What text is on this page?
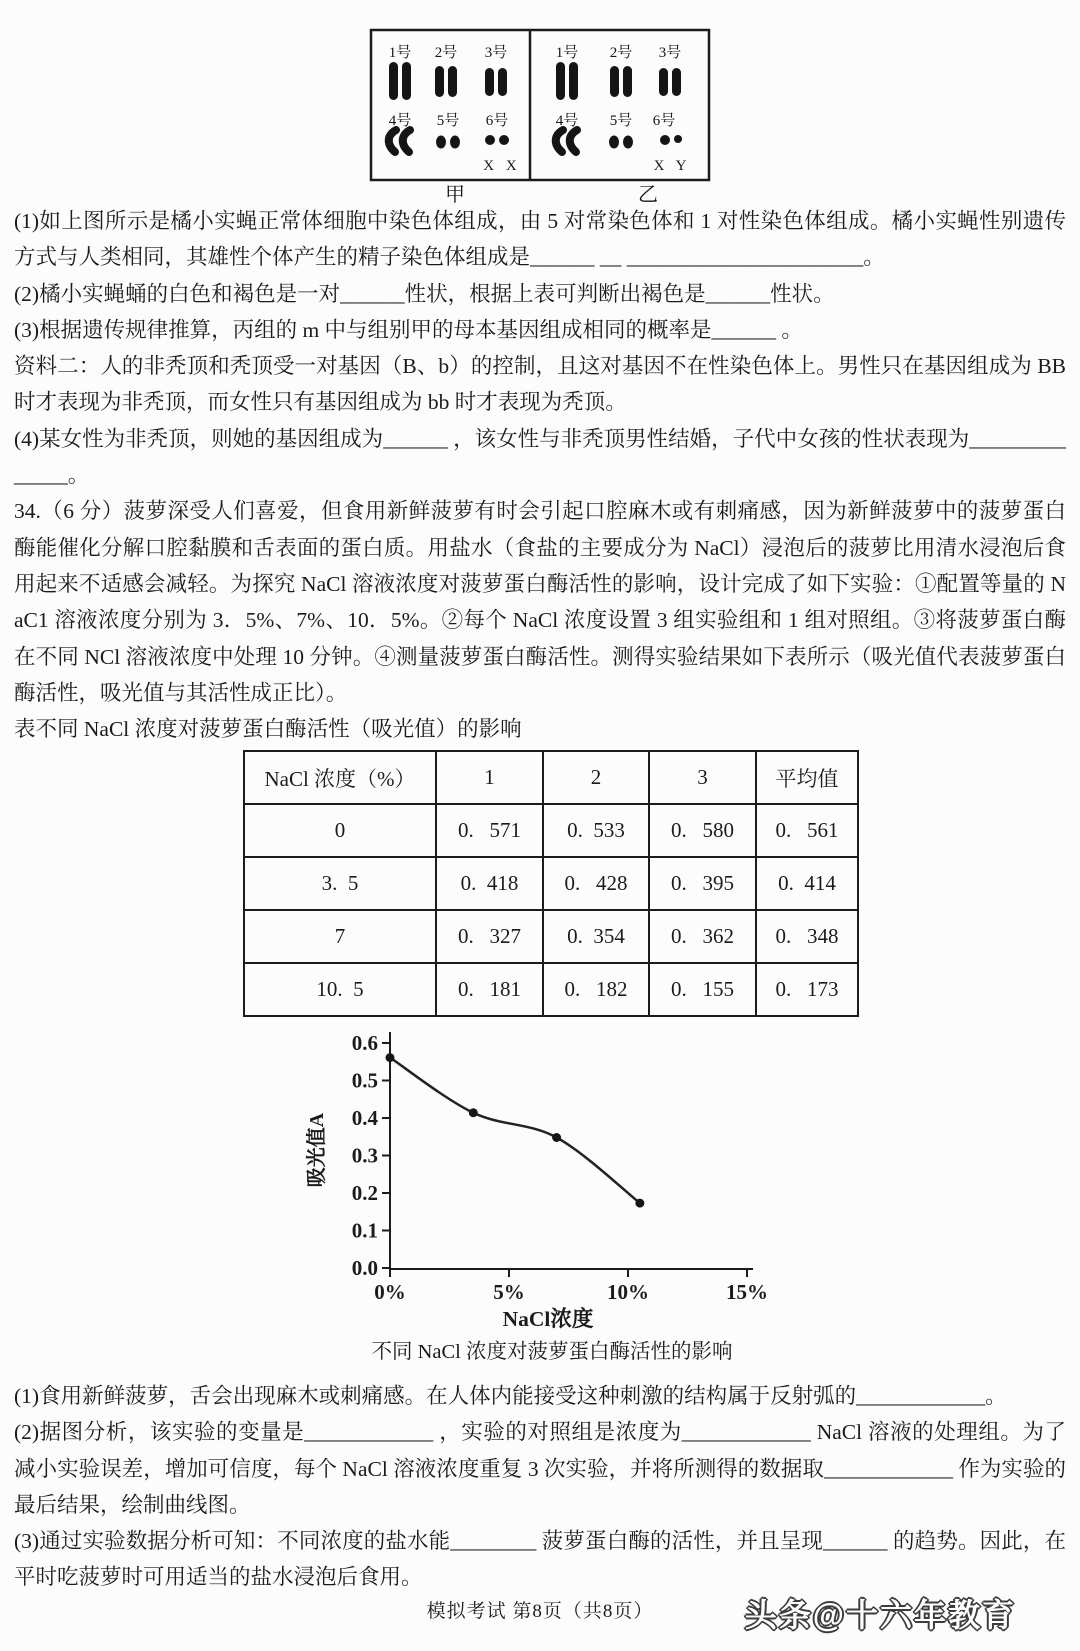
1号 2号 3号
4号 5号 6号
X X
甲
1号 2号 3号
4号 5号 6号
X Y
乙

(1)如上图所示是橘小实蝇正常体细胞中染色体组成，由 5 对常染色体和 1 对性染色体组成。橘小实蝇性别遗传方式与人类相同，其雄性个体产生的精子染色体组成是______ __ ______________________。

(2)橘小实蝇蛹的白色和褐色是一对______性状，根据上表可判断出褐色是______性状。

(3)根据遗传规律推算，丙组的 m 中与组别甲的母本基因组成相同的概率是______ 。

资料二：人的非秃顶和秃顶受一对基因（B、b）的控制，且这对基因不在性染色体上。男性只在基因组成为 BB 时才表现为非秃顶，而女性只有基因组成为 bb 时才表现为秃顶。

(4)某女性为非秃顶，则她的基因组成为______ ，该女性与非秃顶男性结婚，子代中女孩的性状表现为______________。

34.（6 分）菠萝深受人们喜爱，但食用新鲜菠萝有时会引起口腔麻木或有刺痛感，因为新鲜菠萝中的菠萝蛋白酶能催化分解口腔黏膜和舌表面的蛋白质。用盐水（食盐的主要成分为 NaCl）浸泡后的菠萝比用清水浸泡后食用起来不适感会减轻。为探究 NaCl 溶液浓度对菠萝蛋白酶活性的影响，设计完成了如下实验：①配置等量的 NaC1 溶液浓度分别为 3．5%、7%、10．5%。②每个 NaCl 浓度设置 3 组实验组和 1 组对照组。③将菠萝蛋白酶在不同 NCl 溶液浓度中处理 10 分钟。④测量菠萝蛋白酶活性。测得实验结果如下表所示（吸光值代表菠萝蛋白酶活性，吸光值与其活性成正比）。

表不同 NaCl 浓度对菠萝蛋白酶活性（吸光值）的影响

NaCl 浓度（%）	1	2	3	平均值
0	0.   571	0.  533	0.   580	0.   561
3.  5	0.  418	0.   428	0.   395	0.  414
7	0.   327	0.  354	0.   362	0.   348
10.  5	0.   181	0.   182	0.   155	0.   173
0.0
0.1
0.2
0.3
0.4
0.5
0.6
0%	5%	10%	15%
吸光值A
NaCl浓度
不同 NaCl 浓度对菠萝蛋白酶活性的影响

(1)食用新鲜菠萝，舌会出现麻木或刺痛感。在人体内能接受这种刺激的结构属于反射弧的____________。

(2)据图分析，该实验的变量是____________ ，实验的对照组是浓度为____________ NaCl 溶液的处理组。为了减小实验误差，增加可信度，每个 NaCl 溶液浓度重复 3 次实验，并将所测得的数据取____________ 作为实验的最后结果，绘制曲线图。

(3)通过实验数据分析可知：不同浓度的盐水能________ 菠萝蛋白酶的活性，并且呈现______ 的趋势。因此，在平时吃菠萝时可用适当的盐水浸泡后食用。

模拟考试 第8页（共8页）	头条@十六年教育
